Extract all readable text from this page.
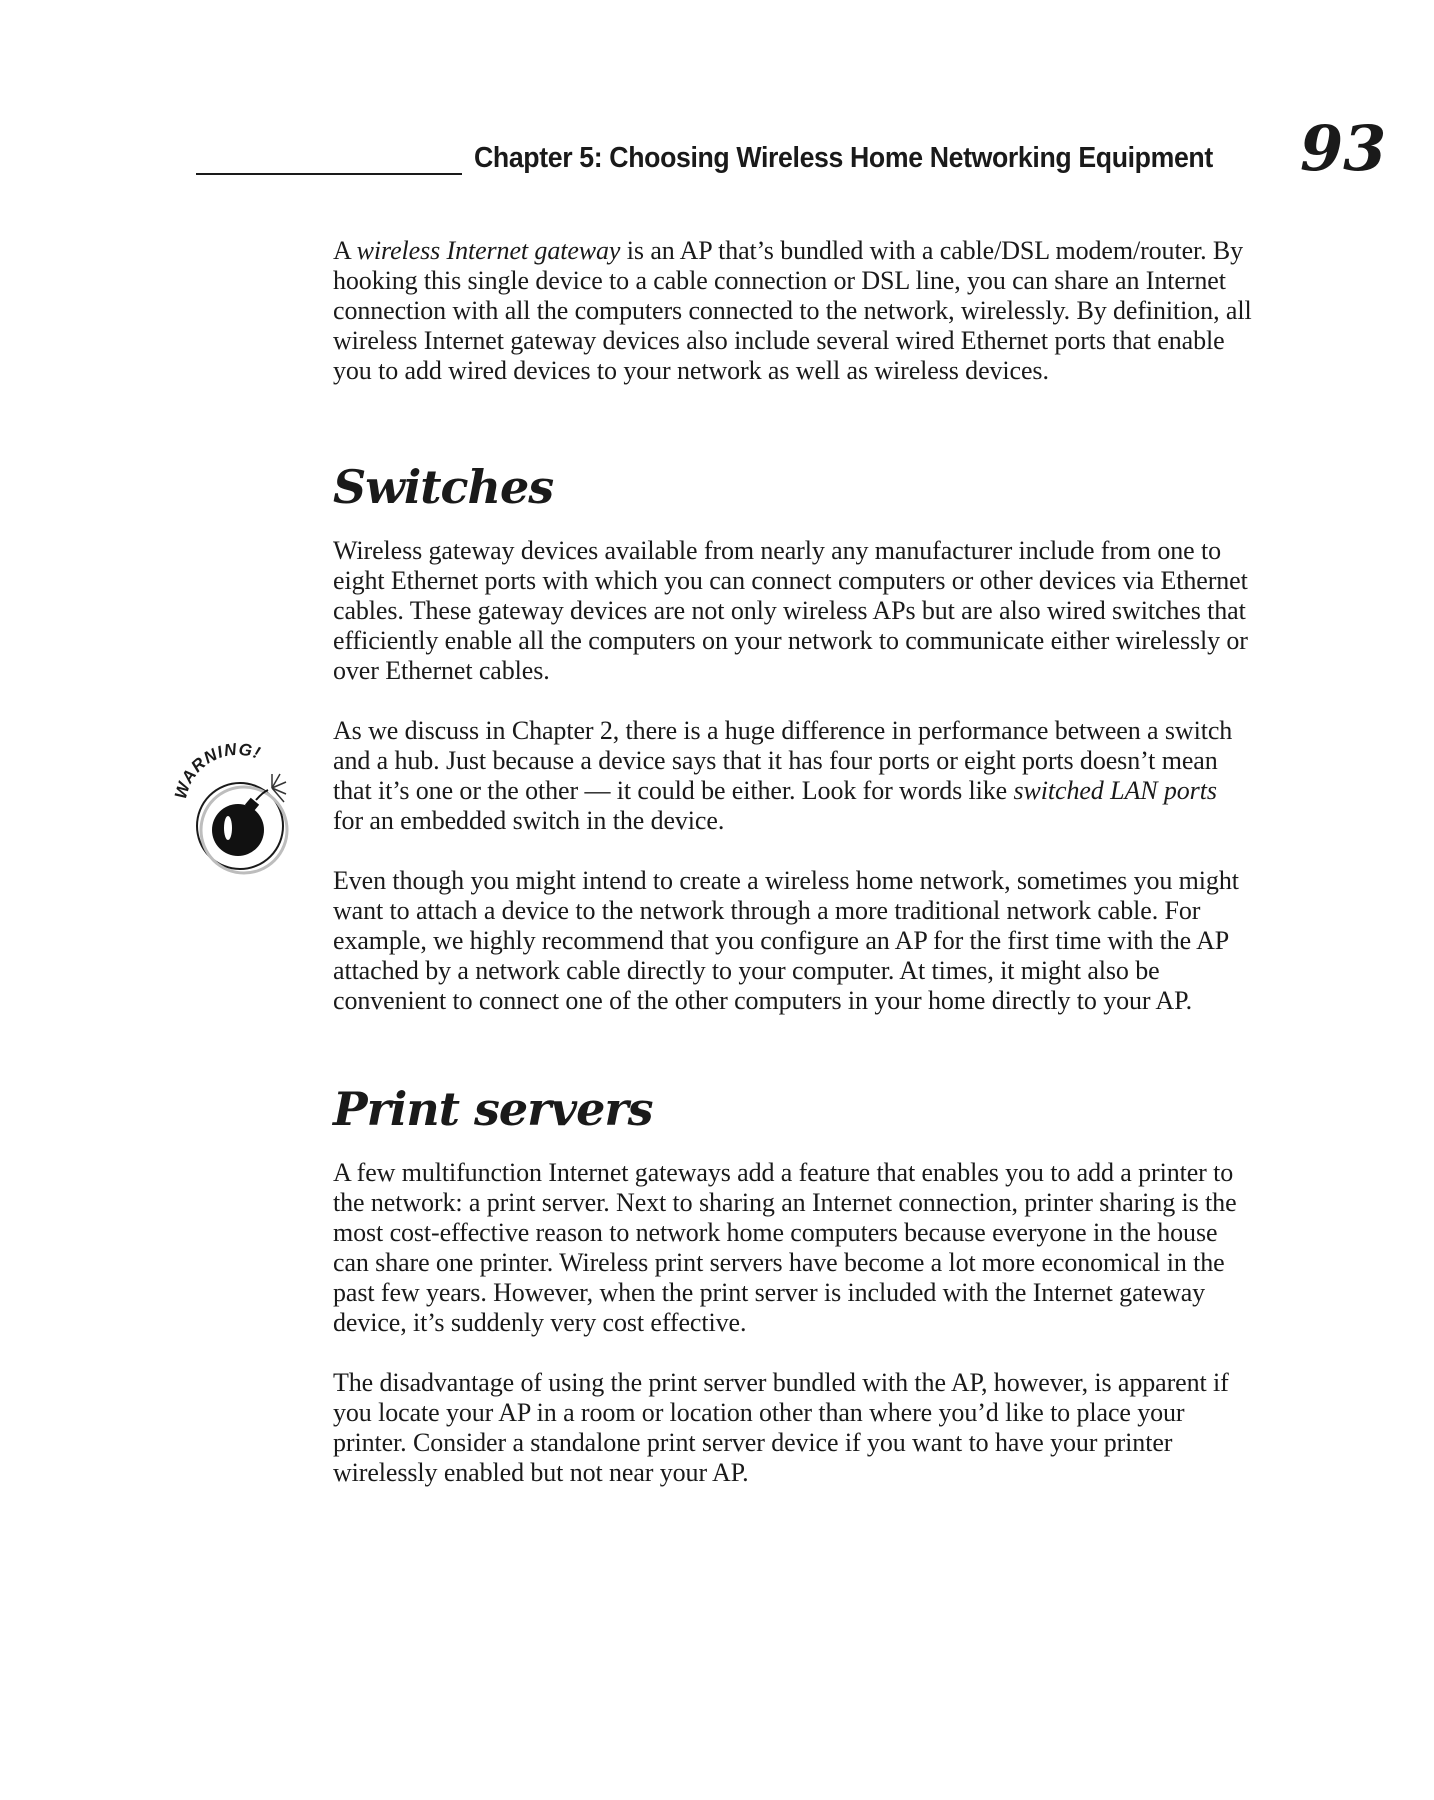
Chapter 5: Choosing Wireless Home Networking Equipment 93
WARNING!

A wireless Internet gateway is an AP that’s bundled with a cable/DSL modem/router. By hooking this single device to a cable connection or DSL line, you can share an Internet connection with all the computers connected to the network, wirelessly. By definition, all wireless Internet gateway devices also include several wired Ethernet ports that enable you to add wired devices to your network as well as wireless devices.

Switches

Wireless gateway devices available from nearly any manufacturer include from one to eight Ethernet ports with which you can connect computers or other devices via Ethernet cables. These gateway devices are not only wireless APs but are also wired switches that efficiently enable all the computers on your network to communicate either wirelessly or over Ethernet cables.

As we discuss in Chapter 2, there is a huge difference in performance between a switch and a hub. Just because a device says that it has four ports or eight ports doesn’t mean that it’s one or the other — it could be either. Look for words like switched LAN ports for an embedded switch in the device.

Even though you might intend to create a wireless home network, sometimes you might want to attach a device to the network through a more traditional network cable. For example, we highly recommend that you configure an AP for the first time with the AP attached by a network cable directly to your computer. At times, it might also be convenient to connect one of the other computers in your home directly to your AP.

Print servers

A few multifunction Internet gateways add a feature that enables you to add a printer to the network: a print server. Next to sharing an Internet connection, printer sharing is the most cost-effective reason to network home computers because everyone in the house can share one printer. Wireless print servers have become a lot more economical in the past few years. However, when the print server is included with the Internet gateway device, it’s suddenly very cost effective.

The disadvantage of using the print server bundled with the AP, however, is apparent if you locate your AP in a room or location other than where you’d like to place your printer. Consider a standalone print server device if you want to have your printer wirelessly enabled but not near your AP.
